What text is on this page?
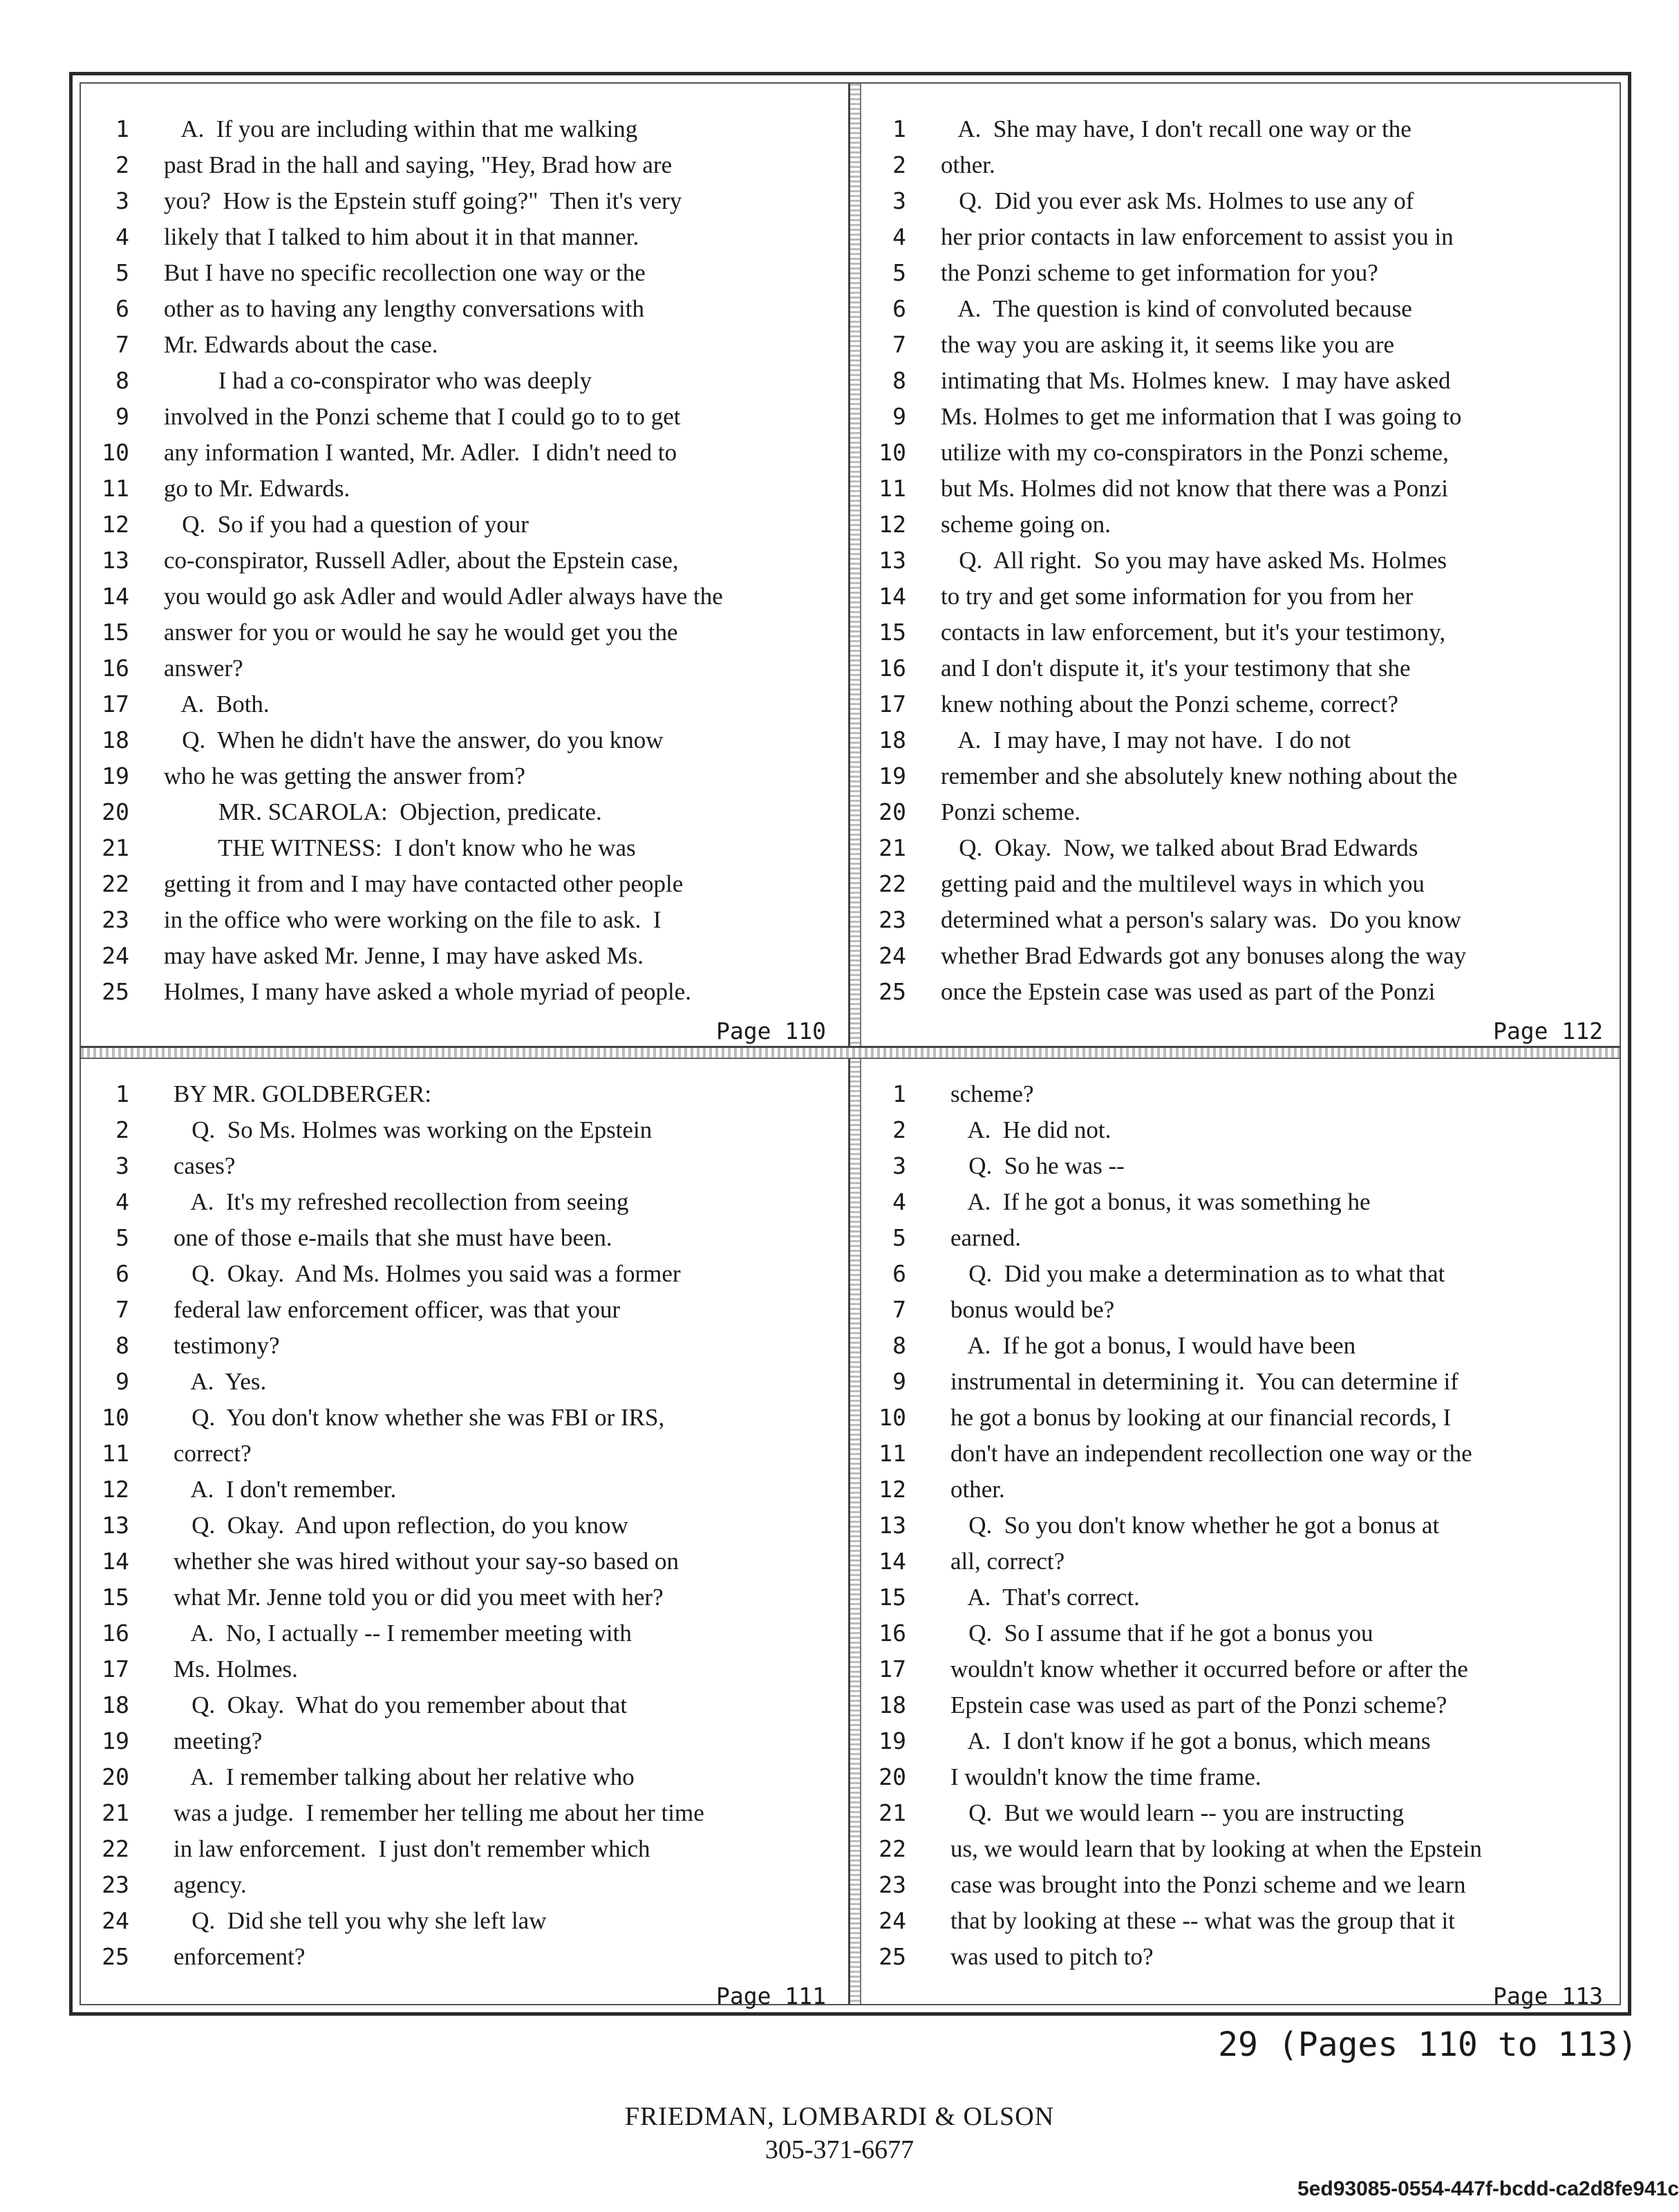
1 A.  If you are including within that me walking
2 past Brad in the hall and saying, "Hey, Brad how are
3 you?  How is the Epstein stuff going?"  Then it's very
4 likely that I talked to him about it in that manner.
5 But I have no specific recollection one way or the
6 other as to having any lengthy conversations with
7 Mr. Edwards about the case.
8 I had a co-conspirator who was deeply
9 involved in the Ponzi scheme that I could go to to get
10 any information I wanted, Mr. Adler.  I didn't need to
11 go to Mr. Edwards.
12 Q.  So if you had a question of your
13 co-conspirator, Russell Adler, about the Epstein case,
14 you would go ask Adler and would Adler always have the
15 answer for you or would he say he would get you the
16 answer?
17 A.  Both.
18 Q.  When he didn't have the answer, do you know
19 who he was getting the answer from?
20 MR. SCAROLA:  Objection, predicate.
21 THE WITNESS:  I don't know who he was
22 getting it from and I may have contacted other people
23 in the office who were working on the file to ask.  I
24 may have asked Mr. Jenne, I may have asked Ms.
25 Holmes, I many have asked a whole myriad of people.
Page 110
1 A.  She may have, I don't recall one way or the
2 other.
3 Q.  Did you ever ask Ms. Holmes to use any of
4 her prior contacts in law enforcement to assist you in
5 the Ponzi scheme to get information for you?
6 A.  The question is kind of convoluted because
7 the way you are asking it, it seems like you are
8 intimating that Ms. Holmes knew.  I may have asked
9 Ms. Holmes to get me information that I was going to
10 utilize with my co-conspirators in the Ponzi scheme,
11 but Ms. Holmes did not know that there was a Ponzi
12 scheme going on.
13 Q.  All right.  So you may have asked Ms. Holmes
14 to try and get some information for you from her
15 contacts in law enforcement, but it's your testimony,
16 and I don't dispute it, it's your testimony that she
17 knew nothing about the Ponzi scheme, correct?
18 A.  I may have, I may not have.  I do not
19 remember and she absolutely knew nothing about the
20 Ponzi scheme.
21 Q.  Okay.  Now, we talked about Brad Edwards
22 getting paid and the multilevel ways in which you
23 determined what a person's salary was.  Do you know
24 whether Brad Edwards got any bonuses along the way
25 once the Epstein case was used as part of the Ponzi
Page 112
1 BY MR. GOLDBERGER:
2 Q.  So Ms. Holmes was working on the Epstein
3 cases?
4 A.  It's my refreshed recollection from seeing
5 one of those e-mails that she must have been.
6 Q.  Okay.  And Ms. Holmes you said was a former
7 federal law enforcement officer, was that your
8 testimony?
9 A.  Yes.
10 Q.  You don't know whether she was FBI or IRS,
11 correct?
12 A.  I don't remember.
13 Q.  Okay.  And upon reflection, do you know
14 whether she was hired without your say-so based on
15 what Mr. Jenne told you or did you meet with her?
16 A.  No, I actually -- I remember meeting with
17 Ms. Holmes.
18 Q.  Okay.  What do you remember about that
19 meeting?
20 A.  I remember talking about her relative who
21 was a judge.  I remember her telling me about her time
22 in law enforcement.  I just don't remember which
23 agency.
24 Q.  Did she tell you why she left law
25 enforcement?
Page 111
1 scheme?
2 A.  He did not.
3 Q.  So he was --
4 A.  If he got a bonus, it was something he
5 earned.
6 Q.  Did you make a determination as to what that
7 bonus would be?
8 A.  If he got a bonus, I would have been
9 instrumental in determining it.  You can determine if
10 he got a bonus by looking at our financial records, I
11 don't have an independent recollection one way or the
12 other.
13 Q.  So you don't know whether he got a bonus at
14 all, correct?
15 A.  That's correct.
16 Q.  So I assume that if he got a bonus you
17 wouldn't know whether it occurred before or after the
18 Epstein case was used as part of the Ponzi scheme?
19 A.  I don't know if he got a bonus, which means
20 I wouldn't know the time frame.
21 Q.  But we would learn -- you are instructing
22 us, we would learn that by looking at when the Epstein
23 case was brought into the Ponzi scheme and we learn
24 that by looking at these -- what was the group that it
25 was used to pitch to?
Page 113
29 (Pages 110 to 113)
FRIEDMAN, LOMBARDI & OLSON
305-371-6677
5ed93085-0554-447f-bcdd-ca2d8fe941c
